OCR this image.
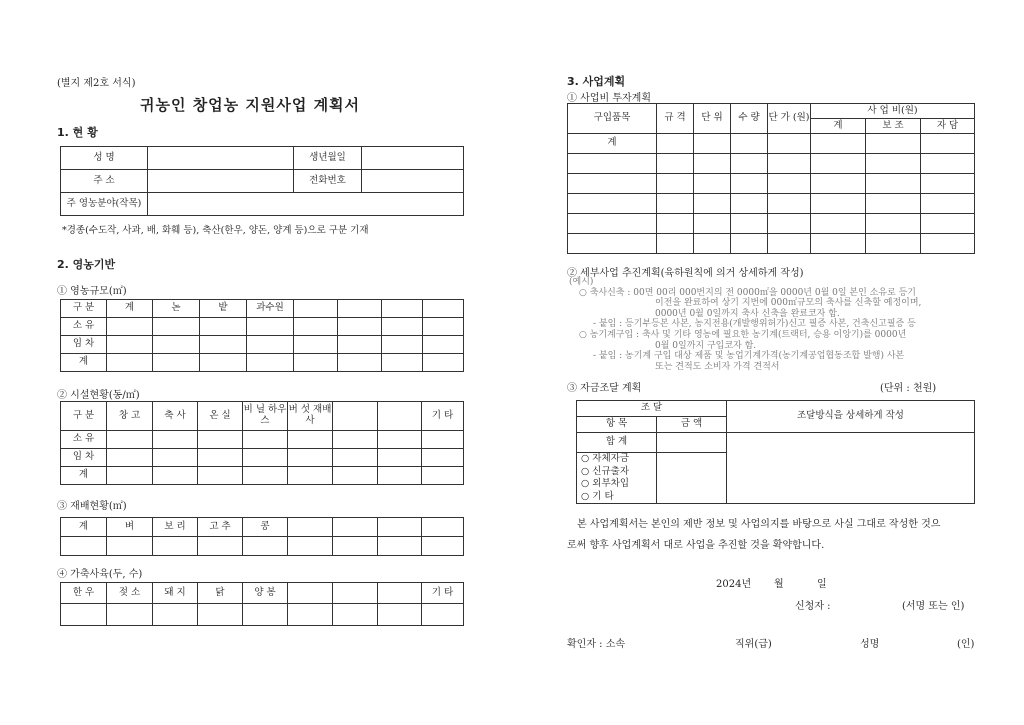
(별지 제2호 서식)
귀농인 창업농 지원사업 계획서
1. 현 황
성 명		생년월일	
주 소		전화번호	
주 영농분야(작목)			
*경종(수도작, 사과, 배, 화훼 등), 축산(한우, 양돈, 양계 등)으로 구분 기재
2. 영농기반
① 영농규모(㎡)
구 분	계	논	밭	과수원				
소 유								
임 차								
계								
② 시설현황(동/㎡)
구 분	창 고	축 사	온 실	비 닐 하우스	버 섯 재배사			기 타
소 유								
임 차								
계								
③ 재배현황(㎡)
계	벼	보 리	고 추	콩				

④ 가축사육(두, 수)
한 우	젖 소	돼 지	닭	양 봉				기 타

3. 사업계획
① 사업비 투자계획
구입품목	규 격	단 위	수 량	단 가 (원)	사 업 비(원)		
					계	보 조	자 담
계							

② 세부사업 추진계획(육하원칙에 의거 상세하게 작성)
(예시)
○ 축사신축 : 00면 00리 000번지의 전 0000㎡을 0000년 0월 0일 본인 소유로 등기
이전을 완료하여 상기 지번에 000㎡규모의 축사를 신축할 예정이며,
0000년 0월 0일까지 축사 신축을 완료코자 함.
- 붙임 : 등기부등본 사본, 농지전용(개발행위허가)신고 필증 사본, 건축신고필증 등
○ 농기계구입 : 축사 및 기타 영농에 필요한 농기계(트랙터, 승용 이앙기)를 0000년
0월 0일까지 구입코자 함.
- 붙임 : 농기계 구입 대상 제품 및 농업기계가격(농기계공업협동조합 발행) 사본
또는 견적도 소비자 가격 견적서
③ 자금조달 계획	(단위 : 천원)
조 달		조달방식을 상세하게 작성
항 목	금 액	
합 계		

○ 자체자금
○ 신규출자
○ 외부차입
○ 기 타		

본 사업계획서는 본인의 제반 정보 및 사업의지를 바탕으로 사실 그대로 작성한 것으
로써 향후 사업계획서 대로 사업을 추진할 것을 확약합니다.
2024년 월	일
신청자 :	(서명 또는 인)
확인자 : 소속	직위(급)	성명	(인)
